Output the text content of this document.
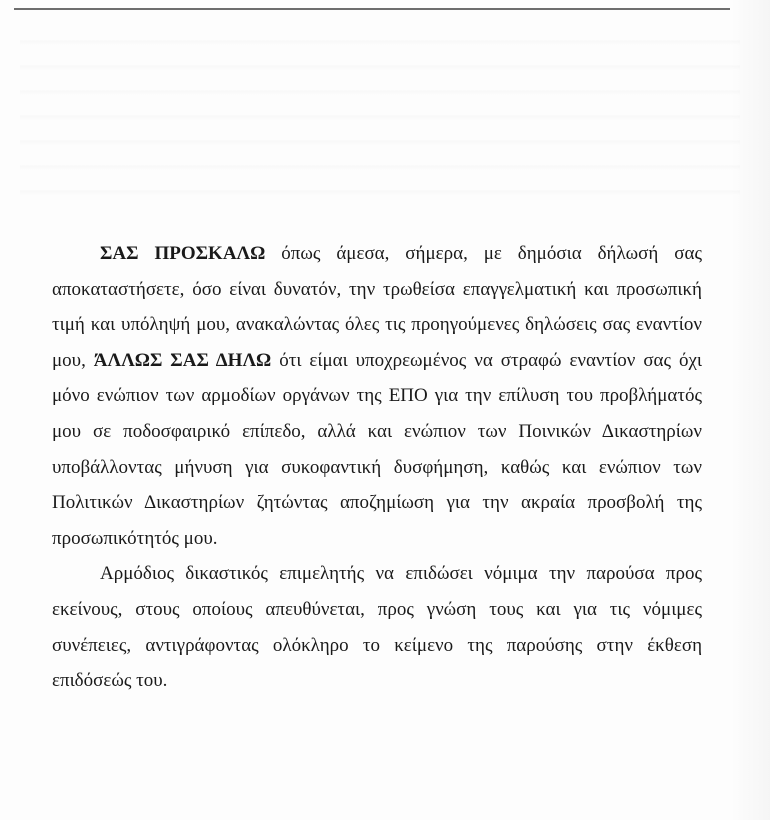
ΣΑΣ ΠΡΟΣΚΑΛΩ όπως άμεσα, σήμερα, με δημόσια δήλωσή σας αποκαταστήσετε, όσο είναι δυνατόν, την τρωθείσα επαγγελματική και προσωπική τιμή και υπόληψή μου, ανακαλώντας όλες τις προηγούμενες δηλώσεις σας εναντίον μου, ΆΛΛΩΣ ΣΑΣ ΔΗΛΩ ότι είμαι υποχρεωμένος να στραφώ εναντίον σας όχι μόνο ενώπιον των αρμοδίων οργάνων της ΕΠΟ για την επίλυση του προβλήματός μου σε ποδοσφαιρικό επίπεδο, αλλά και ενώπιον των Ποινικών Δικαστηρίων υποβάλλοντας μήνυση για συκοφαντική δυσφήμηση, καθώς και ενώπιον των Πολιτικών Δικαστηρίων ζητώντας αποζημίωση για την ακραία προσβολή της προσωπικότητός μου.

Αρμόδιος δικαστικός επιμελητής να επιδώσει νόμιμα την παρούσα προς εκείνους, στους οποίους απευθύνεται, προς γνώση τους και για τις νόμιμες συνέπειες, αντιγράφοντας ολόκληρο το κείμενο της παρούσης στην έκθεση επιδόσεώς του.
